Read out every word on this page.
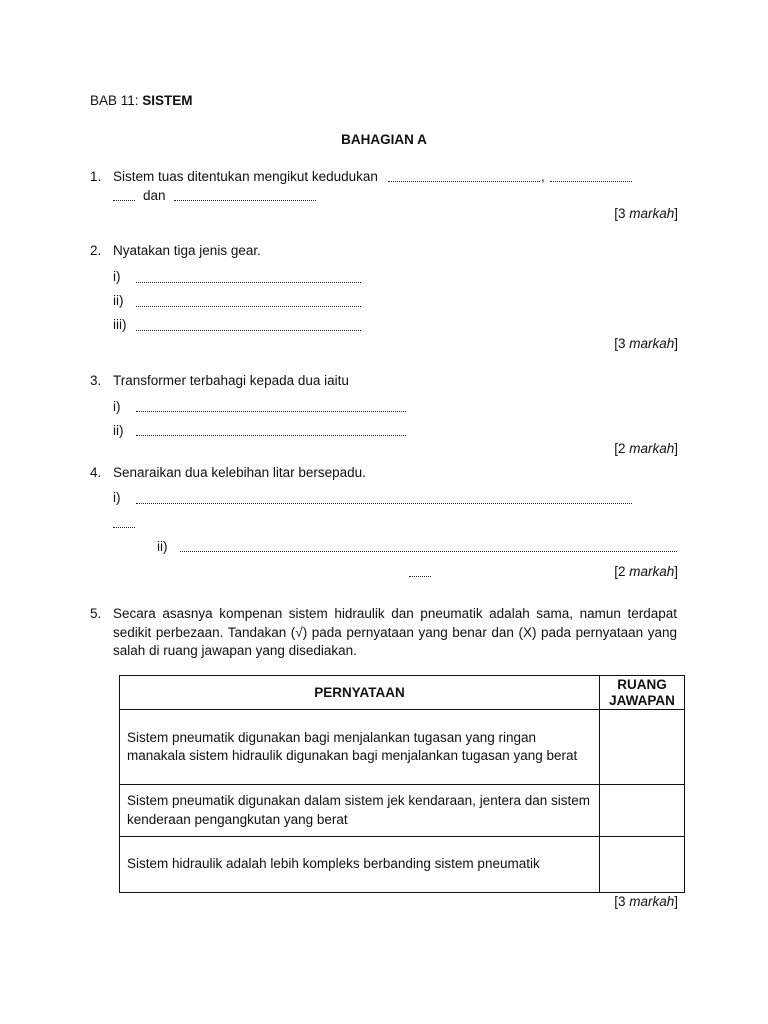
BAB 11: SISTEM
BAHAGIAN A
1. Sistem tuas ditentukan mengikut kedudukan	,
dan
[3 markah]
2. Nyatakan tiga jenis gear.
i)
ii)
iii)
[3 markah]
3. Transformer terbahagi kepada dua iaitu
i)
ii)
[2 markah]
4. Senaraikan dua kelebihan litar bersepadu.
i)
ii)
[2 markah]
5. Secara asasnya kompenan sistem hidraulik dan pneumatik adalah sama, namun terdapat sedikit perbezaan. Tandakan (√) pada pernyataan yang benar dan (X) pada pernyataan yang salah di ruang jawapan yang disediakan.
PERNYATAAN	RUANG JAWAPAN
Sistem pneumatik digunakan bagi menjalankan tugasan yang ringan manakala sistem hidraulik digunakan bagi menjalankan tugasan yang berat	
Sistem pneumatik digunakan dalam sistem jek kendaraan, jentera dan sistem kenderaan pengangkutan yang berat	
Sistem hidraulik adalah lebih kompleks berbanding sistem pneumatik	
[3 markah]
